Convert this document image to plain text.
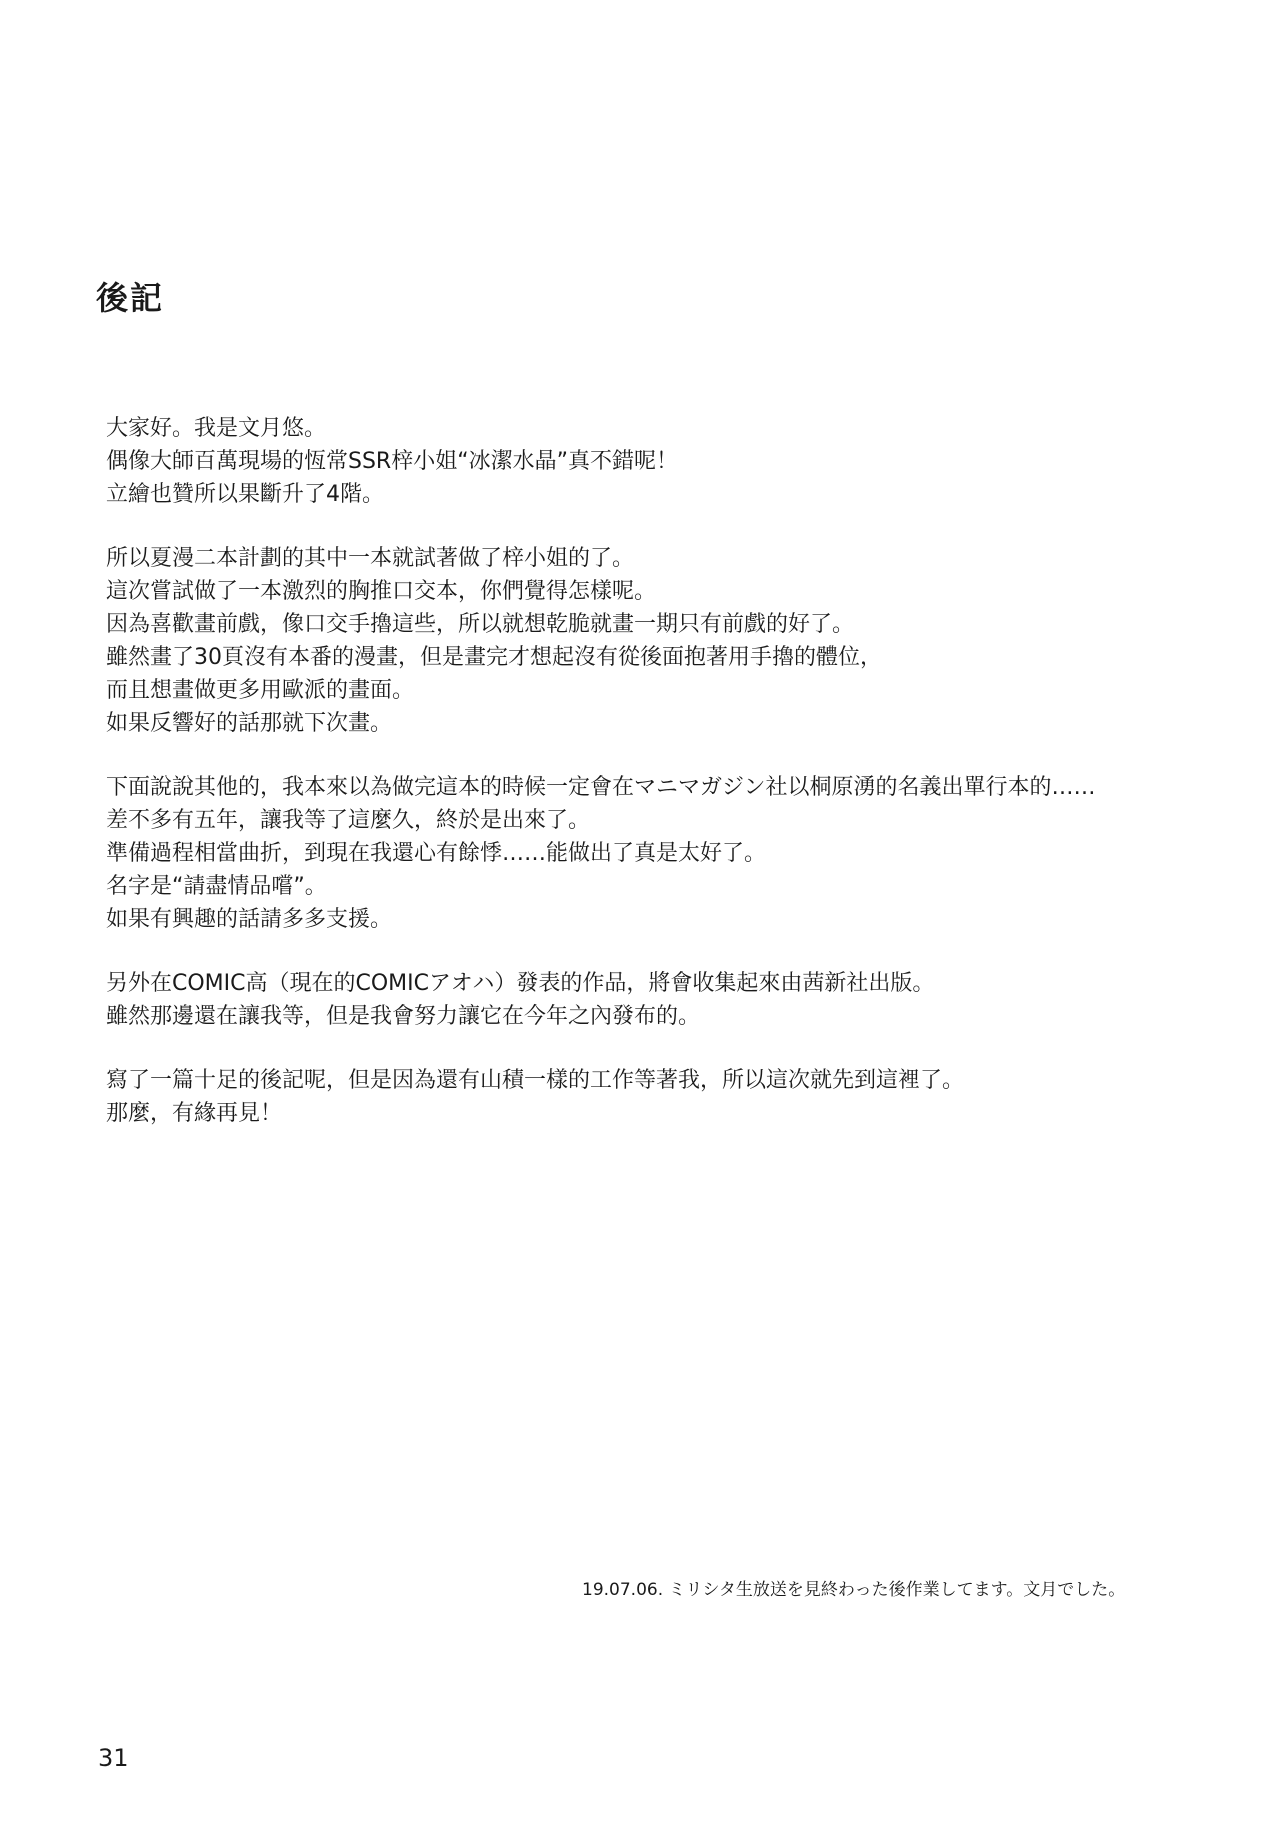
後記

大家好。我是文月悠。
偶像大師百萬現場的恆常SSR梓小姐“冰潔水晶”真不錯呢！
立繪也贊所以果斷升了4階。

所以夏漫二本計劃的其中一本就試著做了梓小姐的了。
這次嘗試做了一本激烈的胸推口交本，你們覺得怎樣呢。
因為喜歡畫前戲，像口交手擼這些，所以就想乾脆就畫一期只有前戲的好了。
雖然畫了30頁沒有本番的漫畫，但是畫完才想起沒有從後面抱著用手擼的體位，
而且想畫做更多用歐派的畫面。
如果反響好的話那就下次畫。

下面說說其他的，我本來以為做完這本的時候一定會在マニマガジン社以桐原湧的名義出單行本的……
差不多有五年，讓我等了這麼久，終於是出來了。
準備過程相當曲折，到現在我還心有餘悸……能做出了真是太好了。
名字是“請盡情品嚐”。
如果有興趣的話請多多支援。

另外在COMIC高（現在的COMICアオハ）發表的作品，將會收集起來由茜新社出版。
雖然那邊還在讓我等，但是我會努力讓它在今年之內發布的。

寫了一篇十足的後記呢，但是因為還有山積一樣的工作等著我，所以這次就先到這裡了。
那麼，有緣再見！

19.07.06. ミリシタ生放送を見終わった後作業してます。文月でした。
31
